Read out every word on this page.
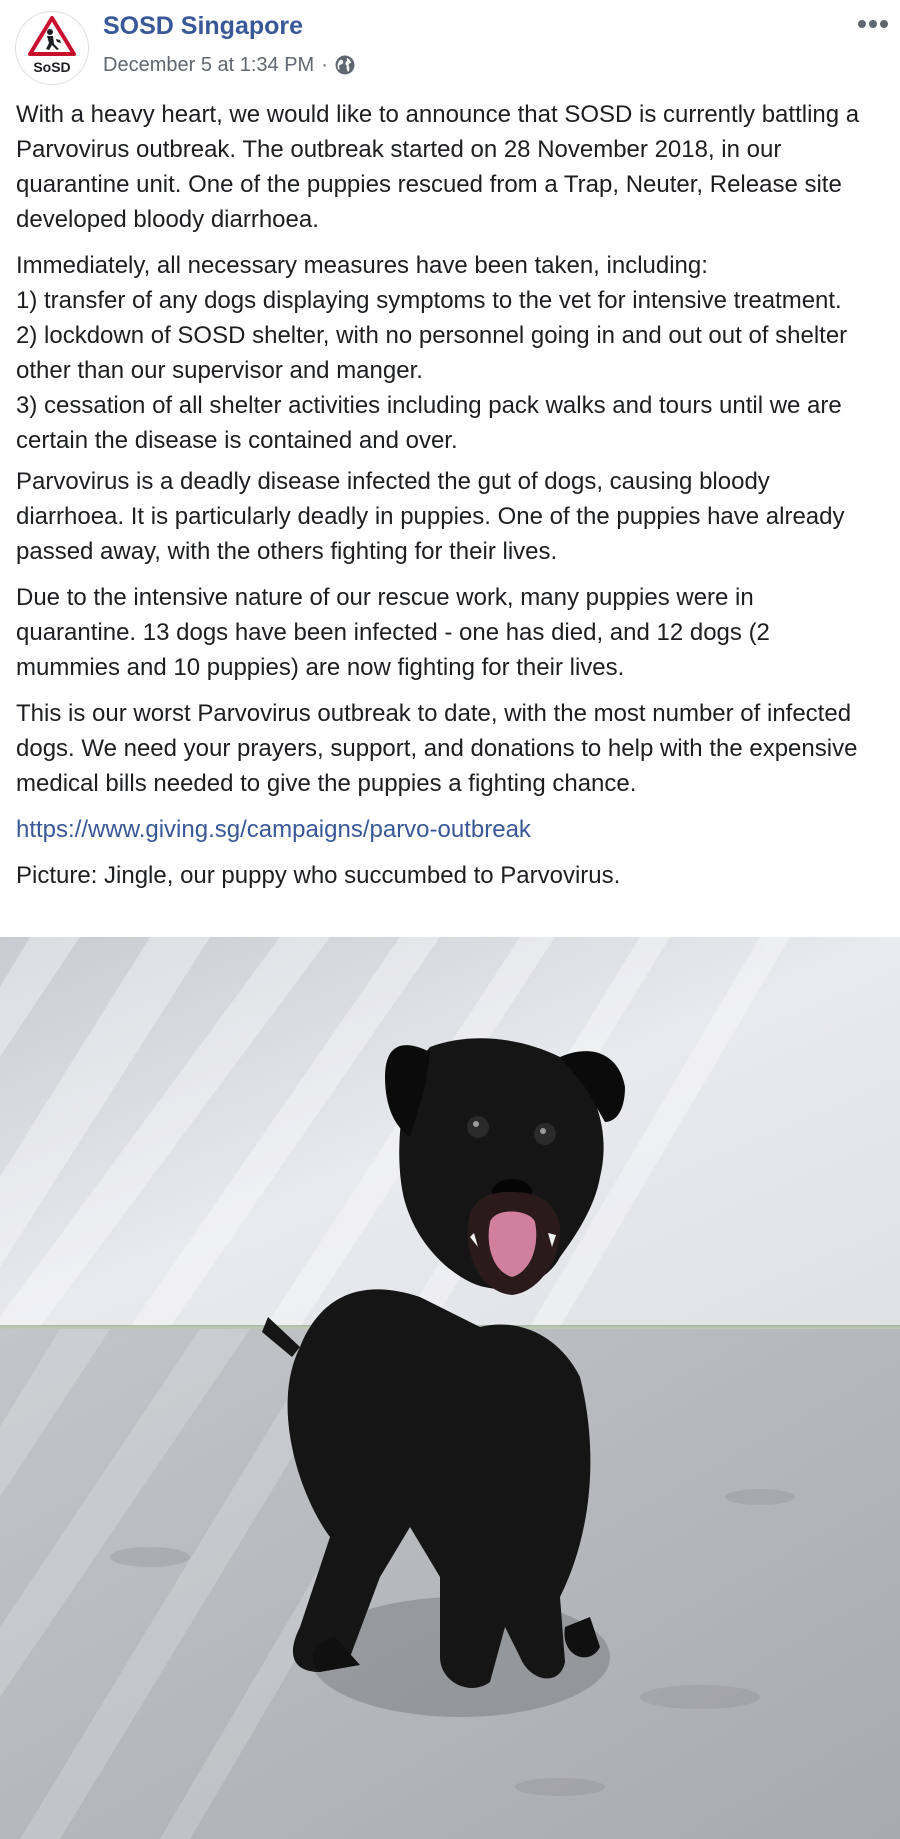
SoSD
SOSD Singapore
December 5 at 1:34 PM ·

With a heavy heart, we would like to announce that SOSD is currently battling a Parvovirus outbreak. The outbreak started on 28 November 2018, in our quarantine unit. One of the puppies rescued from a Trap, Neuter, Release site developed bloody diarrhoea.

Immediately, all necessary measures have been taken, including:
1) transfer of any dogs displaying symptoms to the vet for intensive treatment.
2) lockdown of SOSD shelter, with no personnel going in and out out of shelter other than our supervisor and manger.
3) cessation of all shelter activities including pack walks and tours until we are certain the disease is contained and over.

Parvovirus is a deadly disease infected the gut of dogs, causing bloody diarrhoea. It is particularly deadly in puppies. One of the puppies have already passed away, with the others fighting for their lives.

Due to the intensive nature of our rescue work, many puppies were in quarantine. 13 dogs have been infected - one has died, and 12 dogs (2 mummies and 10 puppies) are now fighting for their lives.

This is our worst Parvovirus outbreak to date, with the most number of infected dogs. We need your prayers, support, and donations to help with the expensive medical bills needed to give the puppies a fighting chance.

https://www.giving.sg/campaigns/parvo-outbreak

Picture: Jingle, our puppy who succumbed to Parvovirus.
